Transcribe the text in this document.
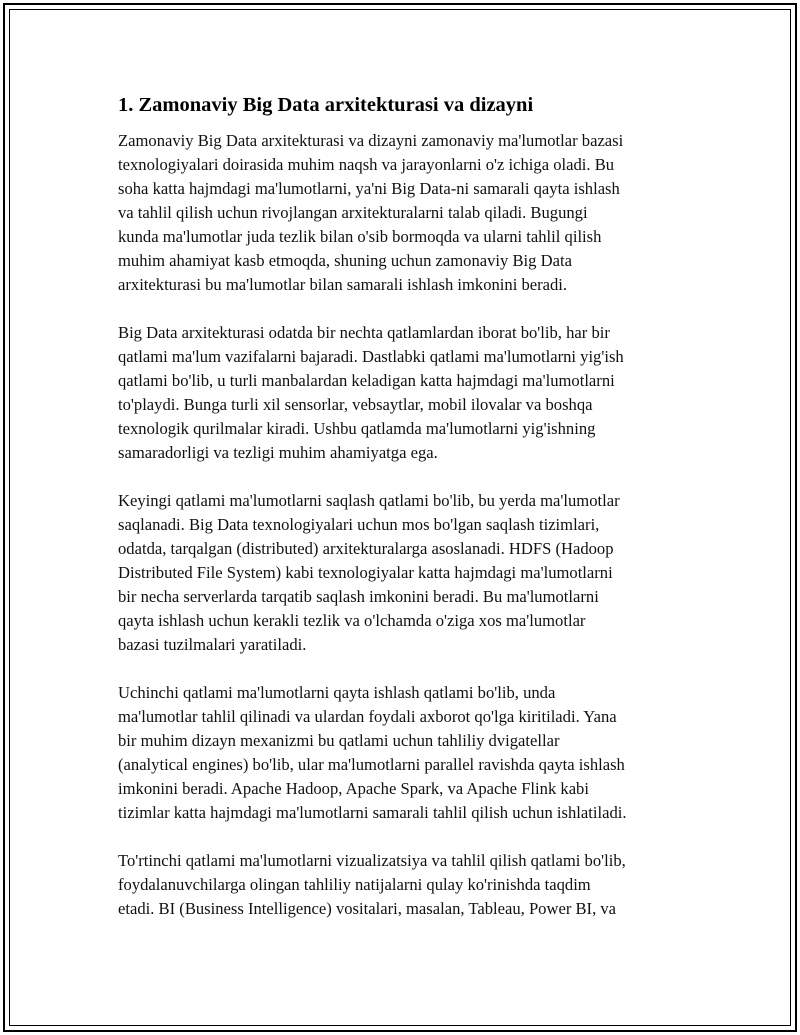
1. Zamonaviy Big Data arxitekturasi va dizayni
Zamonaviy Big Data arxitekturasi va dizayni zamonaviy ma'lumotlar bazasi
texnologiyalari doirasida muhim naqsh va jarayonlarni o'z ichiga oladi. Bu
soha katta hajmdagi ma'lumotlarni, ya'ni Big Data-ni samarali qayta ishlash
va tahlil qilish uchun rivojlangan arxitekturalarni talab qiladi. Bugungi
kunda ma'lumotlar juda tezlik bilan o'sib bormoqda va ularni tahlil qilish
muhim ahamiyat kasb etmoqda, shuning uchun zamonaviy Big Data
arxitekturasi bu ma'lumotlar bilan samarali ishlash imkonini beradi.
Big Data arxitekturasi odatda bir nechta qatlamlardan iborat bo'lib, har bir
qatlami ma'lum vazifalarni bajaradi. Dastlabki qatlami ma'lumotlarni yig'ish
qatlami bo'lib, u turli manbalardan keladigan katta hajmdagi ma'lumotlarni
to'playdi. Bunga turli xil sensorlar, vebsaytlar, mobil ilovalar va boshqa
texnologik qurilmalar kiradi. Ushbu qatlamda ma'lumotlarni yig'ishning
samaradorligi va tezligi muhim ahamiyatga ega.
Keyingi qatlami ma'lumotlarni saqlash qatlami bo'lib, bu yerda ma'lumotlar
saqlanadi. Big Data texnologiyalari uchun mos bo'lgan saqlash tizimlari,
odatda, tarqalgan (distributed) arxitekturalarga asoslanadi. HDFS (Hadoop
Distributed File System) kabi texnologiyalar katta hajmdagi ma'lumotlarni
bir necha serverlarda tarqatib saqlash imkonini beradi. Bu ma'lumotlarni
qayta ishlash uchun kerakli tezlik va o'lchamda o'ziga xos ma'lumotlar
bazasi tuzilmalari yaratiladi.
Uchinchi qatlami ma'lumotlarni qayta ishlash qatlami bo'lib, unda
ma'lumotlar tahlil qilinadi va ulardan foydali axborot qo'lga kiritiladi. Yana
bir muhim dizayn mexanizmi bu qatlami uchun tahliliy dvigatellar
(analytical engines) bo'lib, ular ma'lumotlarni parallel ravishda qayta ishlash
imkonini beradi. Apache Hadoop, Apache Spark, va Apache Flink kabi
tizimlar katta hajmdagi ma'lumotlarni samarali tahlil qilish uchun ishlatiladi.
To'rtinchi qatlami ma'lumotlarni vizualizatsiya va tahlil qilish qatlami bo'lib,
foydalanuvchilarga olingan tahliliy natijalarni qulay ko'rinishda taqdim
etadi. BI (Business Intelligence) vositalari, masalan, Tableau, Power BI, va
